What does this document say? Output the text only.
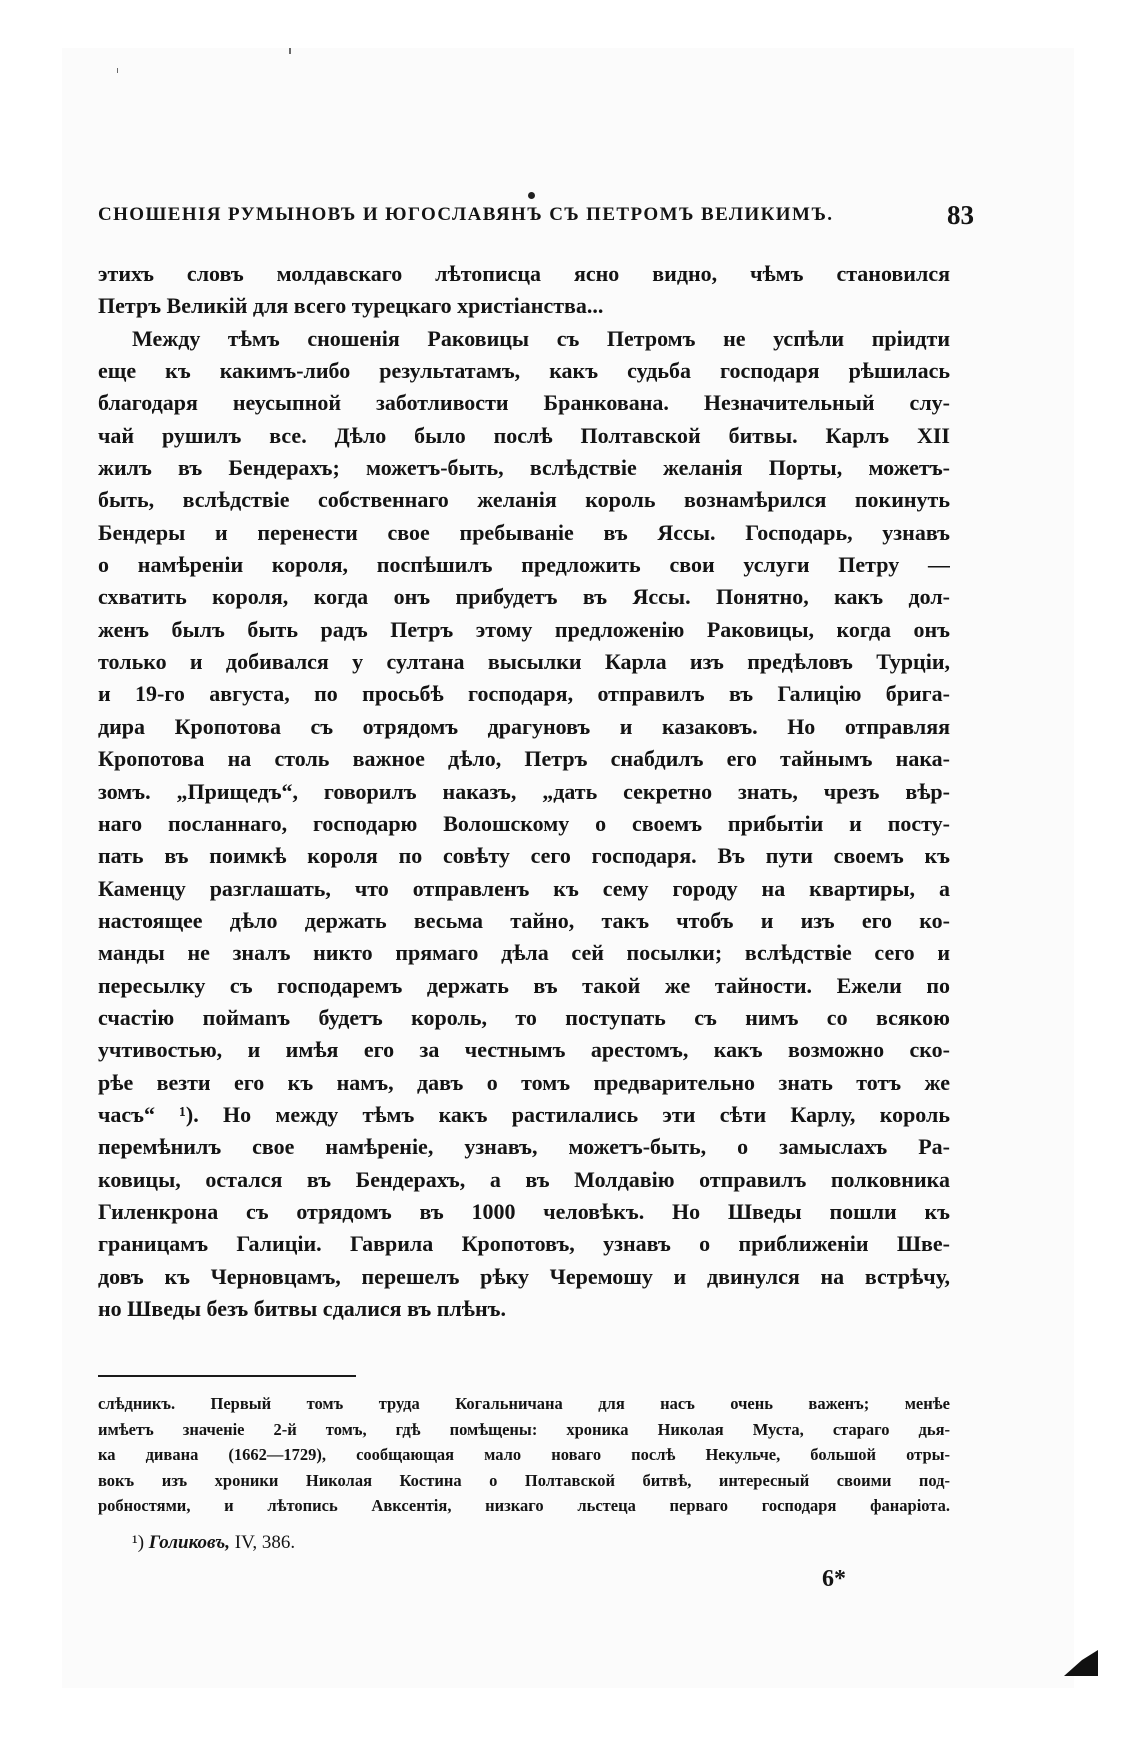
СНОШЕНІЯ РУМЫНОВЪ И ЮГОСЛАВЯНЪ СЪ ПЕТРОМЪ ВЕЛИКИМЪ.	83
этихъ словъ молдавскаго лѣтописца ясно видно, чѣмъ становился
Петръ Великій для всего турецкаго христіанства...
Между тѣмъ сношенія Раковицы съ Петромъ не успѣли пріидти
еще къ какимъ-либо результатамъ, какъ судьба господаря рѣшилась
благодаря неусыпной заботливости Бранкована. Незначительный слу-
чай рушилъ все. Дѣло было послѣ Полтавской битвы. Карлъ XII
жилъ въ Бендерахъ; можетъ-быть, вслѣдствіе желанія Порты, можетъ-
быть, вслѣдствіе собственнаго желанія король вознамѣрился покинуть
Бендеры и перенести свое пребываніе въ Яссы. Господарь, узнавъ
о намѣреніи короля, поспѣшилъ предложить свои услуги Петру —
схватить короля, когда онъ прибудетъ въ Яссы. Понятно, какъ дол-
женъ былъ быть радъ Петръ этому предложенію Раковицы, когда онъ
только и добивался у султана высылки Карла изъ предѣловъ Турціи,
и 19-го августа, по просьбѣ господаря, отправилъ въ Галицію бригa-
дира Кропотова съ отрядомъ драгуновъ и казаковъ. Но отправляя
Кропотова на столь важное дѣло, Петръ снабдилъ его тайнымъ нака-
зомъ. „Прищедъ“, говорилъ наказъ, „дать секретно знать, чрезъ вѣр-
наго посланнаго, господарю Волошскому о своемъ прибытіи и посту-
пать въ поимкѣ короля по совѣту сего господаря. Въ пути своемъ къ
Каменцу разглашать, что отправленъ къ сему городу на квартиры, а
настоящее дѣло держать весьма тайно, такъ чтобъ и изъ его ко-
манды не зналъ никто прямаго дѣла сей посылки; вслѣдствіе сего и
пересылку съ господаремъ держать въ такой же тайности. Ежели по
счастію поймanъ будетъ король, то поступать съ нимъ со всякою
учтивостью, и имѣя его за честнымъ арестомъ, какъ возможно ско-
рѣе везти его къ намъ, давъ о томъ предварительно знать тотъ же
часъ“ ¹). Но между тѣмъ какъ растилались эти сѣти Карлу, король
перемѣнилъ свое намѣреніе, узнавъ, можетъ-быть, о замыслахъ Ра-
ковицы, остался въ Бендерахъ, а въ Молдавію отправилъ полковника
Гиленкрона съ отрядомъ въ 1000 человѣкъ. Но Шведы пошли къ
границамъ Галиціи. Гаврила Кропотовъ, узнавъ о приближеніи Шве-
довъ къ Черновцамъ, перешелъ рѣку Черемошу и двинулся на встрѣчу,
но Шведы безъ битвы сдалися въ плѣнъ.
слѣдникъ. Первый томъ труда Когальничана для насъ очень важенъ; менѣе
имѣетъ значеніе 2-й томъ, гдѣ помѣщены: хроника Николая Муста, стараго дья-
ка дивана (1662—1729), сообщающая мало новаго послѣ Некульче, большой отры-
вокъ изъ хроники Николая Костина о Полтавской битвѣ, интересный своими под-
робностями, и лѣтопись Авксентія, низкаго льстеца перваго господаря фанаріота.
¹) Голиковъ, IV, 386.
6*
